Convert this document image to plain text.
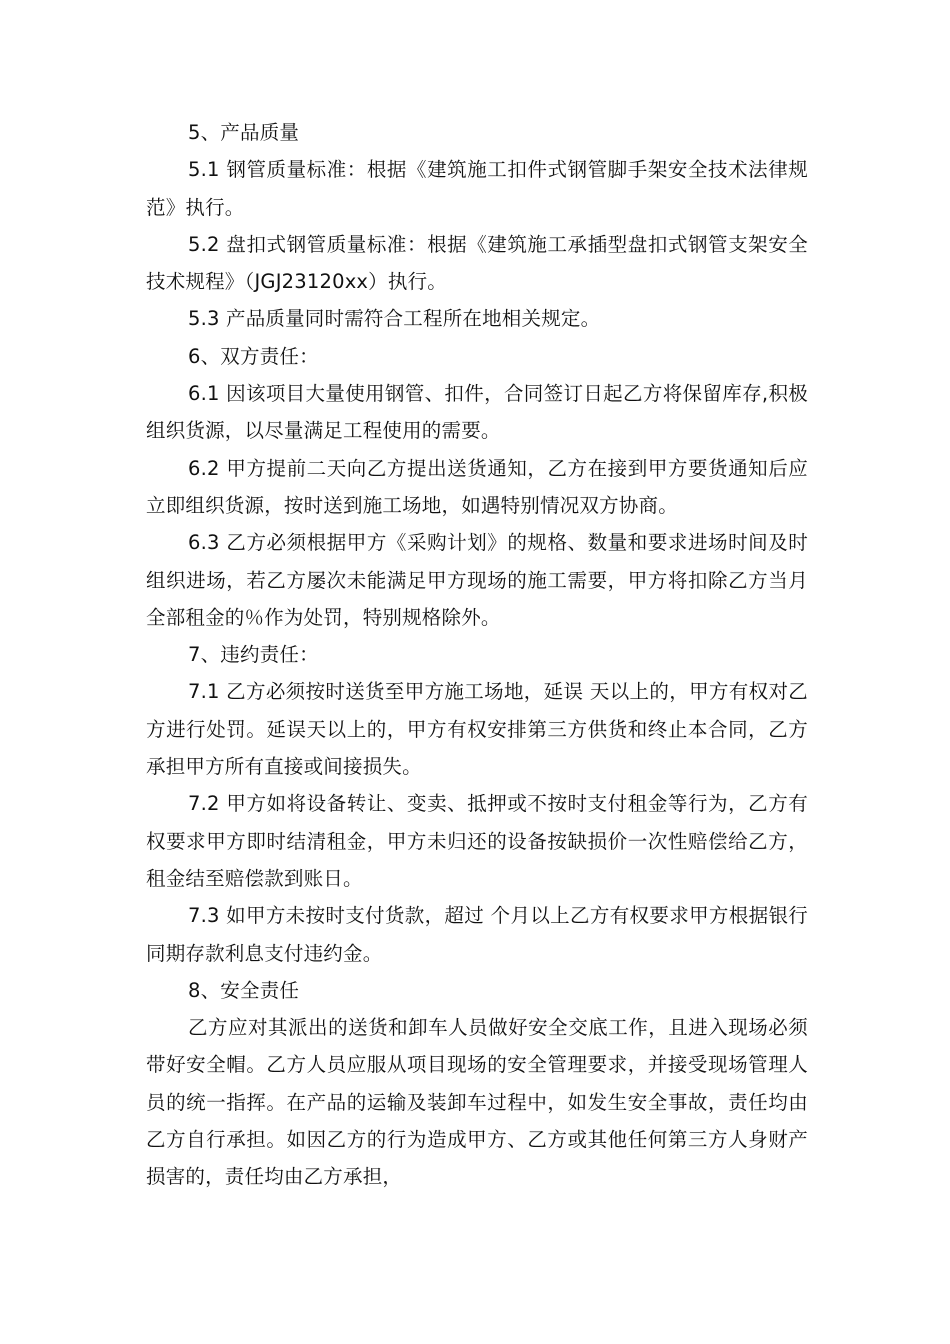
5、产品质量

5.1 钢管质量标准：根据《建筑施工扣件式钢管脚手架安全技术法律规范》执行。

5.2 盘扣式钢管质量标准：根据《建筑施工承插型盘扣式钢管支架安全技术规程》（JGJ23120xx）执行。

5.3 产品质量同时需符合工程所在地相关规定。

6、双方责任：

6.1 因该项目大量使用钢管、扣件，合同签订日起乙方将保留库存,积极组织货源，以尽量满足工程使用的需要。

6.2 甲方提前二天向乙方提出送货通知，乙方在接到甲方要货通知后应立即组织货源，按时送到施工场地，如遇特别情况双方协商。

6.3 乙方必须根据甲方《采购计划》的规格、数量和要求进场时间及时组织进场，若乙方屡次未能满足甲方现场的施工需要，甲方将扣除乙方当月全部租金的％作为处罚，特别规格除外。

7、违约责任：

7.1 乙方必须按时送货至甲方施工场地，延误 天以上的，甲方有权对乙方进行处罚。延误天以上的，甲方有权安排第三方供货和终止本合同，乙方承担甲方所有直接或间接损失。

7.2 甲方如将设备转让、变卖、抵押或不按时支付租金等行为，乙方有权要求甲方即时结清租金，甲方未归还的设备按缺损价一次性赔偿给乙方，租金结至赔偿款到账日。

7.3 如甲方未按时支付货款，超过 个月以上乙方有权要求甲方根据银行同期存款利息支付违约金。

8、安全责任

乙方应对其派出的送货和卸车人员做好安全交底工作，且进入现场必须带好安全帽。乙方人员应服从项目现场的安全管理要求，并接受现场管理人员的统一指挥。在产品的运输及装卸车过程中，如发生安全事故，责任均由乙方自行承担。如因乙方的行为造成甲方、乙方或其他任何第三方人身财产损害的，责任均由乙方承担，
